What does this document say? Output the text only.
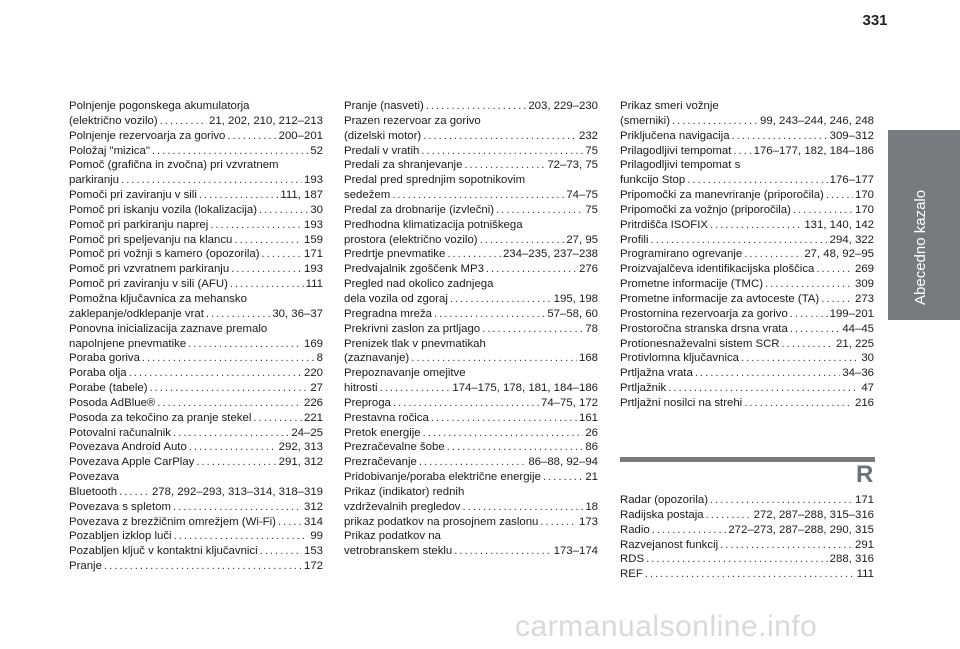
331
Abecedno kazalo
Polnjenje pogonskega akumulatorja
(električno vozilo) . . .	21, 202, 210, 212–213
Polnjenje rezervoarja za gorivo . . .	200–201
Položaj "mizica" . . .	52
Pomoč (grafična in zvočna) pri vzvratnem
parkiranju . . .	193
Pomoči pri zaviranju v sili . . .	111, 187
Pomoč pri iskanju vozila (lokalizacija) . . .	30
Pomoč pri parkiranju naprej . . .	193
Pomoč pri speljevanju na klancu . . .	159
Pomoč pri vožnji s kamero (opozorila) . . .	171
Pomoč pri vzvratnem parkiranju . . .	193
Pomoč pri zaviranju v sili (AFU) . . .	111
Pomožna ključavnica za mehansko
zaklepanje/odklepanje vrat . . .	30, 36–37
Ponovna inicializacija zaznave premalo
napolnjene pnevmatike . . .	169
Poraba goriva . . .	8
Poraba olja . . .	220
Porabe (tabele) . . .	27
Posoda AdBlue® . . .	226
Posoda za tekočino za pranje stekel . . .	221
Potovalni računalnik . . .	24–25
Povezava Android Auto . . .	292, 313
Povezava Apple CarPlay . . .	291, 312
Povezava
Bluetooth . . .	278, 292–293, 313–314, 318–319
Povezava s spletom . . .	312
Povezava z brezžičnim omrežjem (Wi-Fi) . . . 314
Pozabljen izklop luči . . .	99
Pozabljen ključ v kontaktni ključavnici . . .	153
Pranje . . .	172
Pranje (nasveti) . . .	203, 229–230
Prazen rezervoar za gorivo
(dizelski motor) . . .	232
Predali v vratih . . .	75
Predali za shranjevanje . . .	72–73, 75
Predal pred sprednjim sopotnikovim
sedežem . . .	74–75
Predal za drobnarije (izvlečni) . . .	75
Predhodna klimatizacija potniškega
prostora (električno vozilo) . . .	27, 95
Predrtje pnevmatike . . .	234–235, 237–238
Predvajalnik zgoščenk MP3 . . .	276
Pregled nad okolico zadnjega
dela vozila od zgoraj . . .	195, 198
Pregradna mreža . . .	57–58, 60
Prekrivni zaslon za prtljago . . .	78
Prenizek tlak v pnevmatikah
(zaznavanje) . . .	168
Prepoznavanje omejitve
hitrosti . . .	174–175, 178, 181, 184–186
Preproga . . .	74–75, 172
Prestavna ročica . . .	161
Pretok energije . . .	26
Prezračevalne šobe . . .	86
Prezračevanje . . .	86–88, 92–94
Pridobivanje/poraba električne energije . . .	21
Prikaz (indikator) rednih
vzdrževalnih pregledov . . .	18
prikaz podatkov na prosojnem zaslonu . . .	173
Prikaz podatkov na
vetrobranskem steklu . . .	173–174
Prikaz smeri vožnje
(smerniki) . . .	99, 243–244, 246, 248
Priključena navigacija . . .	309–312
Prilagodljivi tempomat . . . 176–177, 182, 184–186
Prilagodljivi tempomat s
funkcijo Stop . . .	176–177
Pripomočki za manevriranje (priporočila) . . .	170
Pripomočki za vožnjo (priporočila) . . .	170
Pritrdišča ISOFIX . . .	131, 140, 142
Profili . . .	294, 322
Programirano ogrevanje . . .	27, 48, 92–95
Proizvajalčeva identifikacijska ploščica . . .	269
Prometne informacije (TMC) . . .	309
Prometne informacije za avtoceste (TA) . . .	273
Prostornina rezervoarja za gorivo . . .	199–201
Prostoročna stranska drsna vrata . . .	44–45
Protionesnaževalni sistem SCR . . .	21, 225
Protivlomna ključavnica . . .	30
Prtljažna vrata . . .	34–36
Prtljažnik . . .	47
Prtljažni nosilci na strehi . . .	216
R
Radar (opozorila) . . .	171
Radijska postaja . . .	272, 287–288, 315–316
Radio . . .	272–273, 287–288, 290, 315
Razvejanost funkcij . . .	291
RDS . . .	288, 316
REF . . .	111
carmanualsonline.info
